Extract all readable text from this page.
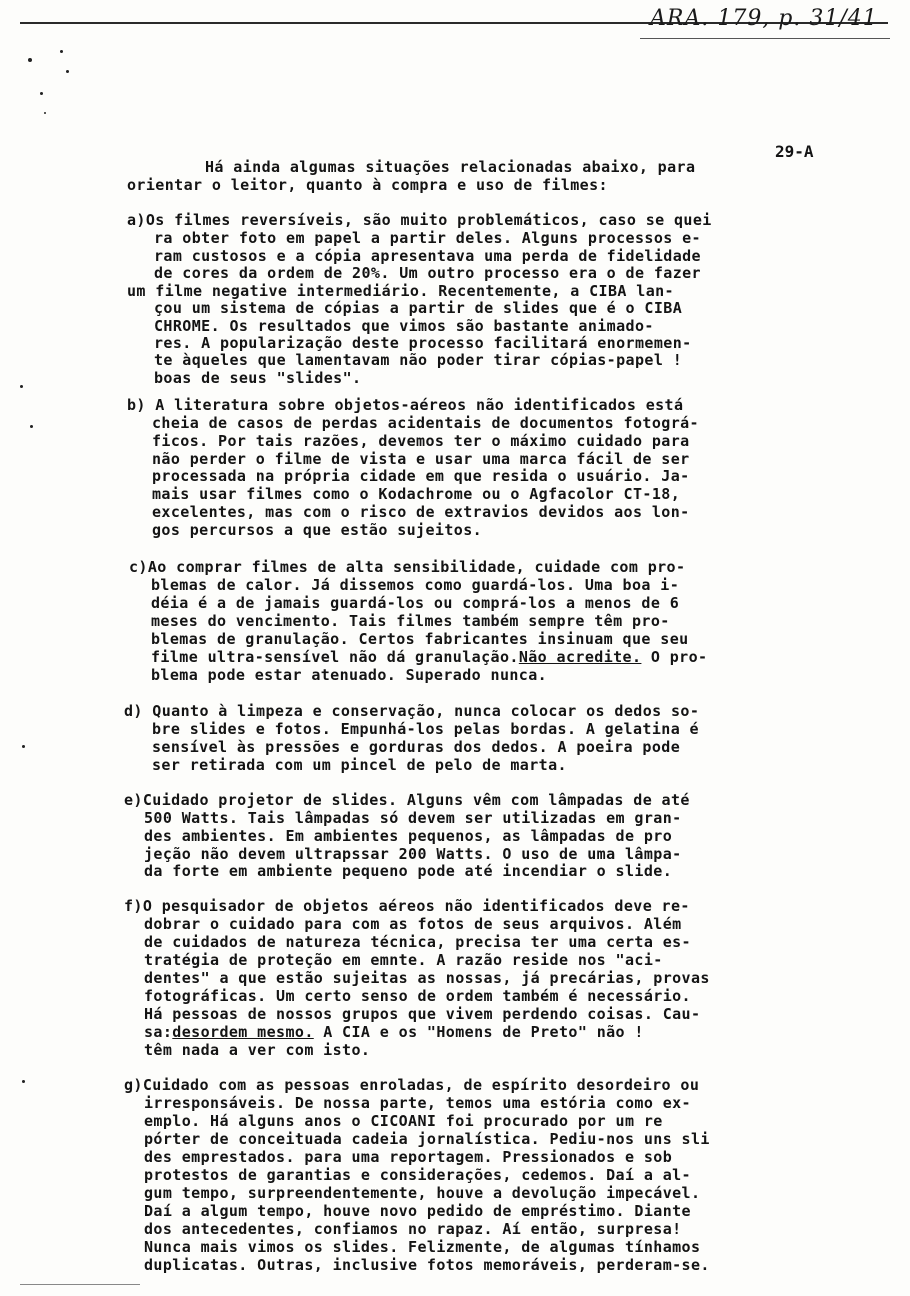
ARA. 179, p. 31/41
29-A
Há ainda algumas situações relacionadas abaixo, para
orientar o leitor, quanto à compra e uso de filmes:
a)Os filmes reversíveis, são muito problemáticos, caso se quei
ra obter foto em papel a partir deles. Alguns processos e-
ram custosos e a cópia apresentava uma perda de fidelidade
de cores da ordem de 20%. Um outro processo era o de fazer
um filme negative intermediário. Recentemente, a CIBA lan-
çou um sistema de cópias a partir de slides que é o CIBA
CHROME. Os resultados que vimos são bastante animado-
res. A popularização deste processo facilitará enormemen-
te àqueles que lamentavam não poder tirar cópias-papel !
boas de seus "slides".
b) A literatura sobre objetos-aéreos não identificados está
cheia de casos de perdas acidentais de documentos fotográ-
ficos. Por tais razões, devemos ter o máximo cuidado para
não perder o filme de vista e usar uma marca fácil de ser
processada na própria cidade em que resida o usuário. Ja-
mais usar filmes como o Kodachrome ou o Agfacolor CT-18,
excelentes, mas com o risco de extravios devidos aos lon-
gos percursos a que estão sujeitos.
c)Ao comprar filmes de alta sensibilidade, cuidade com pro-
blemas de calor. Já dissemos como guardá-los. Uma boa i-
déia é a de jamais guardá-los ou comprá-los a menos de 6
meses do vencimento. Tais filmes também sempre têm pro-
blemas de granulação. Certos fabricantes insinuam que seu
filme ultra-sensível não dá granulação.Não acredite. O pro-
blema pode estar atenuado. Superado nunca.
d) Quanto à limpeza e conservação, nunca colocar os dedos so-
bre slides e fotos. Empunhá-los pelas bordas. A gelatina é
sensível às pressões e gorduras dos dedos. A poeira pode
ser retirada com um pincel de pelo de marta.
e)Cuidado projetor de slides. Alguns vêm com lâmpadas de até
500 Watts. Tais lâmpadas só devem ser utilizadas em gran-
des ambientes. Em ambientes pequenos, as lâmpadas de pro
jeção não devem ultrapssar 200 Watts. O uso de uma lâmpa-
da forte em ambiente pequeno pode até incendiar o slide.
f)O pesquisador de objetos aéreos não identificados deve re-
dobrar o cuidado para com as fotos de seus arquivos. Além
de cuidados de natureza técnica, precisa ter uma certa es-
tratégia de proteção em emnte. A razão reside nos "aci-
dentes" a que estão sujeitas as nossas, já precárias, provas
fotográficas. Um certo senso de ordem também é necessário.
Há pessoas de nossos grupos que vivem perdendo coisas. Cau-
sa:desordem mesmo. A CIA e os "Homens de Preto" não !
têm nada a ver com isto.
g)Cuidado com as pessoas enroladas, de espírito desordeiro ou
irresponsáveis. De nossa parte, temos uma estória como ex-
emplo. Há alguns anos o CICOANI foi procurado por um re
pórter de conceituada cadeia jornalística. Pediu-nos uns sli
des emprestados. para uma reportagem. Pressionados e sob
protestos de garantias e considerações, cedemos. Daí a al-
gum tempo, surpreendentemente, houve a devolução impecável.
Daí a algum tempo, houve novo pedido de empréstimo. Diante
dos antecedentes, confiamos no rapaz. Aí então, surpresa!
Nunca mais vimos os slides. Felizmente, de algumas tínhamos
duplicatas. Outras, inclusive fotos memoráveis, perderam-se.
